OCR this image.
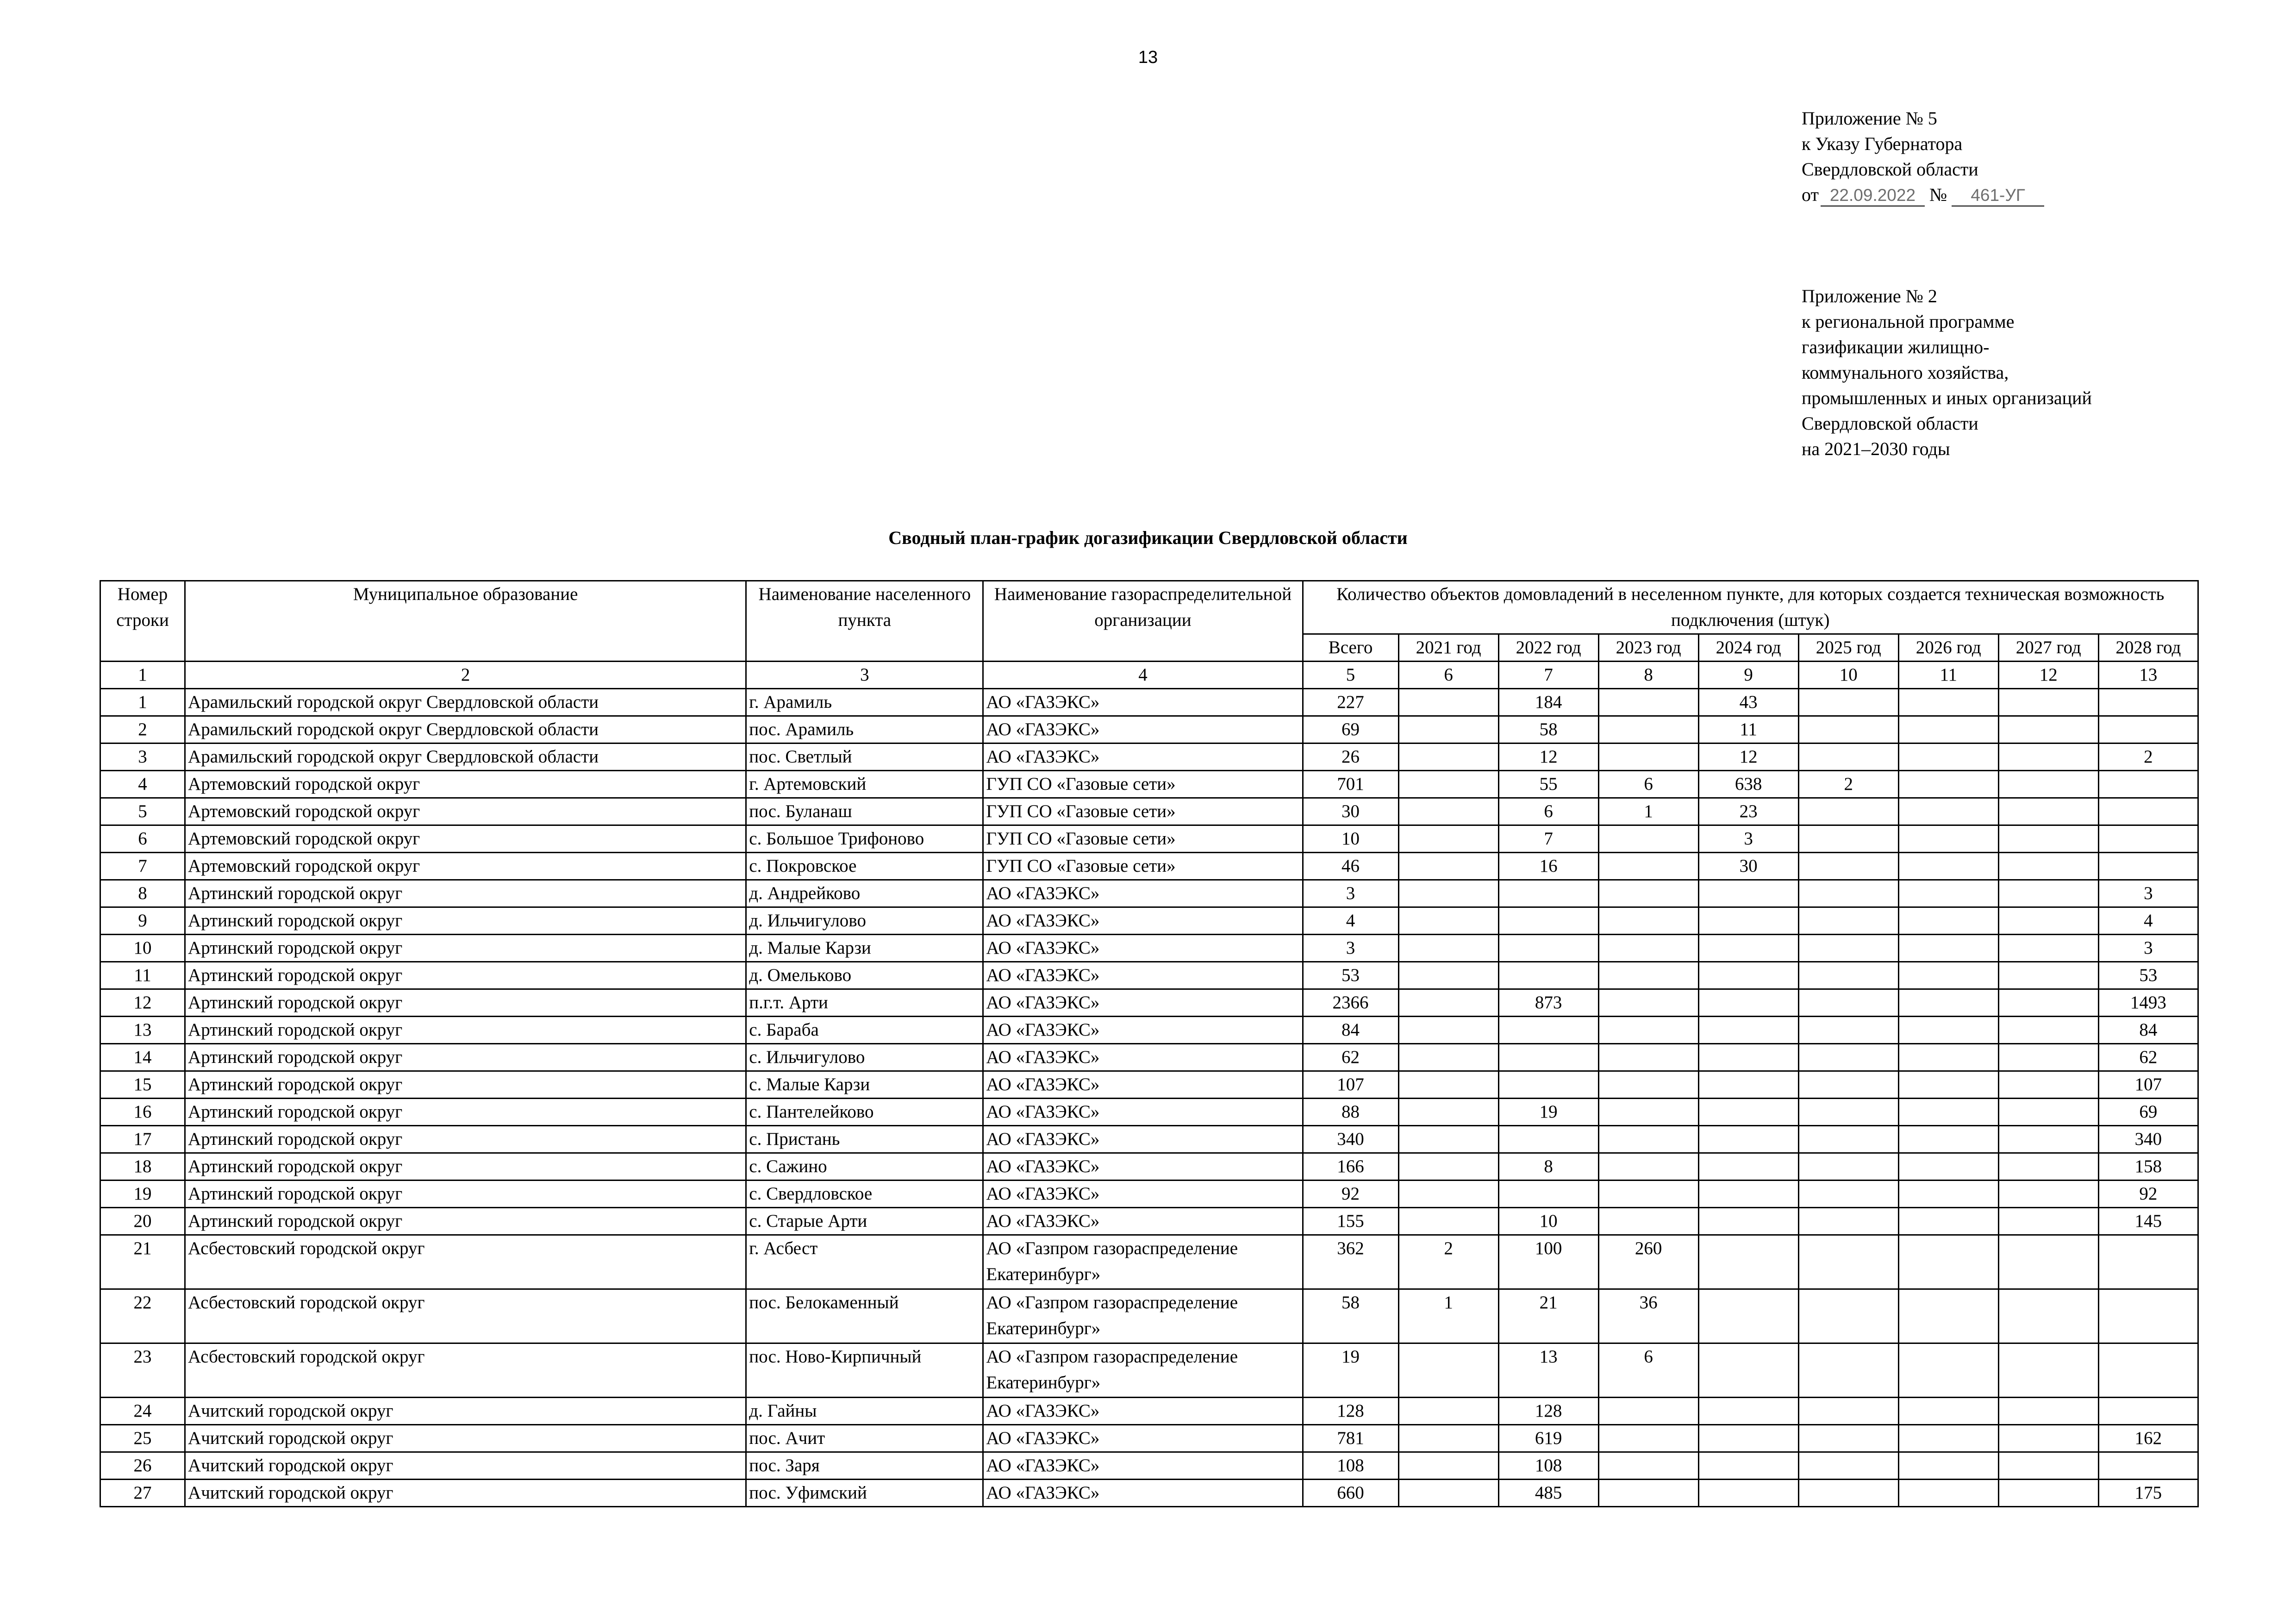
13
Приложение № 5
к Указу Губернатора
Свердловской области
от 22.09.2022 № 461-УГ
Приложение № 2
к региональной программе
газификации жилищно-
коммунального хозяйства,
промышленных и иных организаций
Свердловской области
на 2021–2030 годы
Сводный план-график догазификации Свердловской области
Номер строки	Муниципальное образование	Наименование населенного пункта	Наименование газораспределительной организации	Количество объектов домовладений в неселенном пункте, для которых создается техническая возможность подключения (штук)								
				Всего	2021 год	2022 год	2023 год	2024 год	2025 год	2026 год	2027 год	2028 год
1	2	3	4	5	6	7	8	9	10	11	12	13
1	Арамильский городской округ Свердловской области	г. Арамиль	АО «ГАЗЭКС»	227		184		43				
2	Арамильский городской округ Свердловской области	пос. Арамиль	АО «ГАЗЭКС»	69		58		11				
3	Арамильский городской округ Свердловской области	пос. Светлый	АО «ГАЗЭКС»	26		12		12				2
4	Артемовский городской округ	г. Артемовский	ГУП СО «Газовые сети»	701		55	6	638	2			
5	Артемовский городской округ	пос. Буланаш	ГУП СО «Газовые сети»	30		6	1	23				
6	Артемовский городской округ	с. Большое Трифоново	ГУП СО «Газовые сети»	10		7		3				
7	Артемовский городской округ	с. Покровское	ГУП СО «Газовые сети»	46		16		30				
8	Артинский городской округ	д. Андрейково	АО «ГАЗЭКС»	3								3
9	Артинский городской округ	д. Ильчигулово	АО «ГАЗЭКС»	4								4
10	Артинский городской округ	д. Малые Карзи	АО «ГАЗЭКС»	3								3
11	Артинский городской округ	д. Омельково	АО «ГАЗЭКС»	53								53
12	Артинский городской округ	п.г.т. Арти	АО «ГАЗЭКС»	2366		873						1493
13	Артинский городской округ	с. Бараба	АО «ГАЗЭКС»	84								84
14	Артинский городской округ	с. Ильчигулово	АО «ГАЗЭКС»	62								62
15	Артинский городской округ	с. Малые Карзи	АО «ГАЗЭКС»	107								107
16	Артинский городской округ	с. Пантелейково	АО «ГАЗЭКС»	88		19						69
17	Артинский городской округ	с. Пристань	АО «ГАЗЭКС»	340								340
18	Артинский городской округ	с. Сажино	АО «ГАЗЭКС»	166		8						158
19	Артинский городской округ	с. Свердловское	АО «ГАЗЭКС»	92								92
20	Артинский городской округ	с. Старые Арти	АО «ГАЗЭКС»	155		10						145
21	Асбестовский городской округ	г. Асбест	АО «Газпром газораспределение Екатеринбург»	362	2	100	260					
22	Асбестовский городской округ	пос. Белокаменный	АО «Газпром газораспределение Екатеринбург»	58	1	21	36					
23	Асбестовский городской округ	пос. Ново-Кирпичный	АО «Газпром газораспределение Екатеринбург»	19		13	6					
24	Ачитский городской округ	д. Гайны	АО «ГАЗЭКС»	128		128						
25	Ачитский городской округ	пос. Ачит	АО «ГАЗЭКС»	781		619						162
26	Ачитский городской округ	пос. Заря	АО «ГАЗЭКС»	108		108						
27	Ачитский городской округ	пос. Уфимский	АО «ГАЗЭКС»	660		485						175
